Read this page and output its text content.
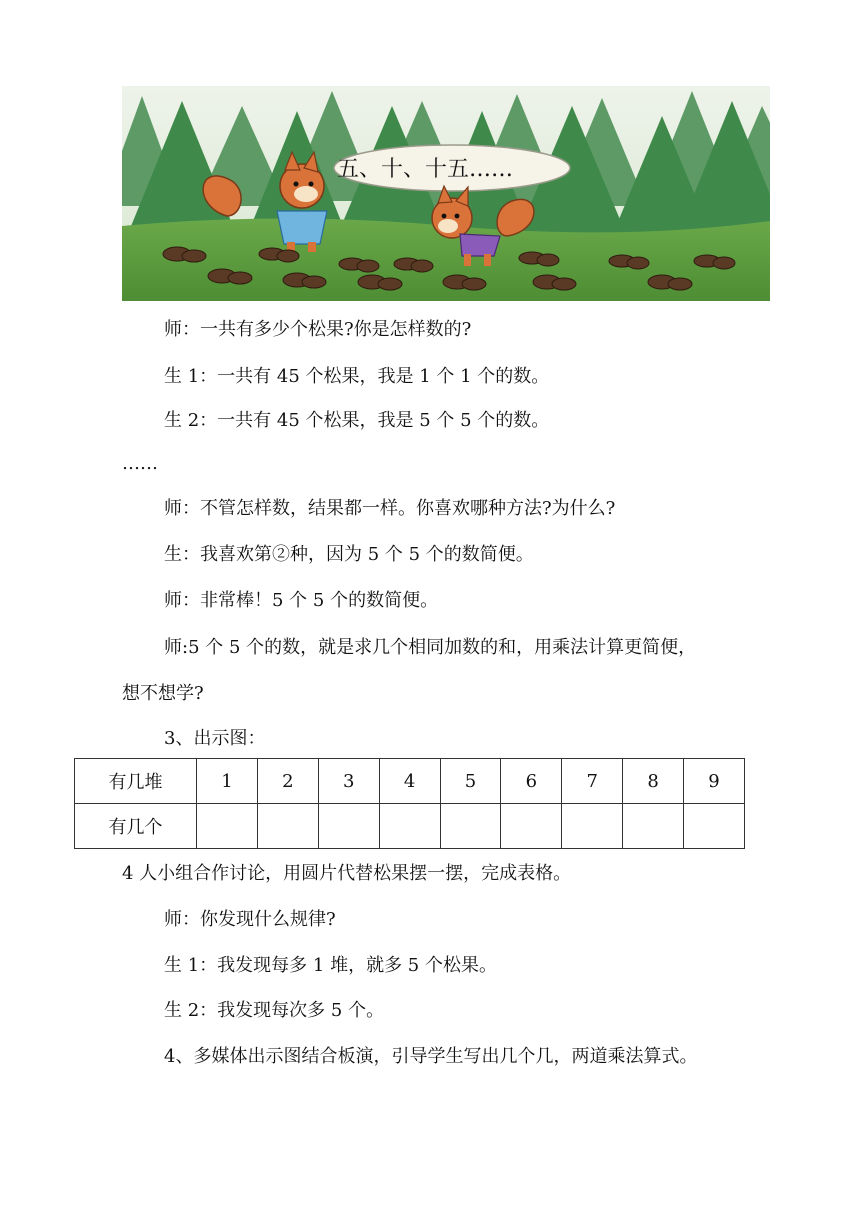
五、十、十五……

师：一共有多少个松果?你是怎样数的?

生 1：一共有 45 个松果，我是 1 个 1 个的数。

生 2：一共有 45 个松果，我是 5 个 5 个的数。

……

师：不管怎样数，结果都一样。你喜欢哪种方法?为什么?

生：我喜欢第②种，因为 5 个 5 个的数简便。

师：非常棒！5 个 5 个的数简便。

师:5 个 5 个的数，就是求几个相同加数的和，用乘法计算更简便，

想不想学?

3、出示图：

有几堆	1	2	3	4	5	6	7	8	9
有几个									

4 人小组合作讨论，用圆片代替松果摆一摆，完成表格。

师：你发现什么规律?

生 1：我发现每多 1 堆，就多 5 个松果。

生 2：我发现每次多 5 个。

4、多媒体出示图结合板演，引导学生写出几个几，两道乘法算式。
